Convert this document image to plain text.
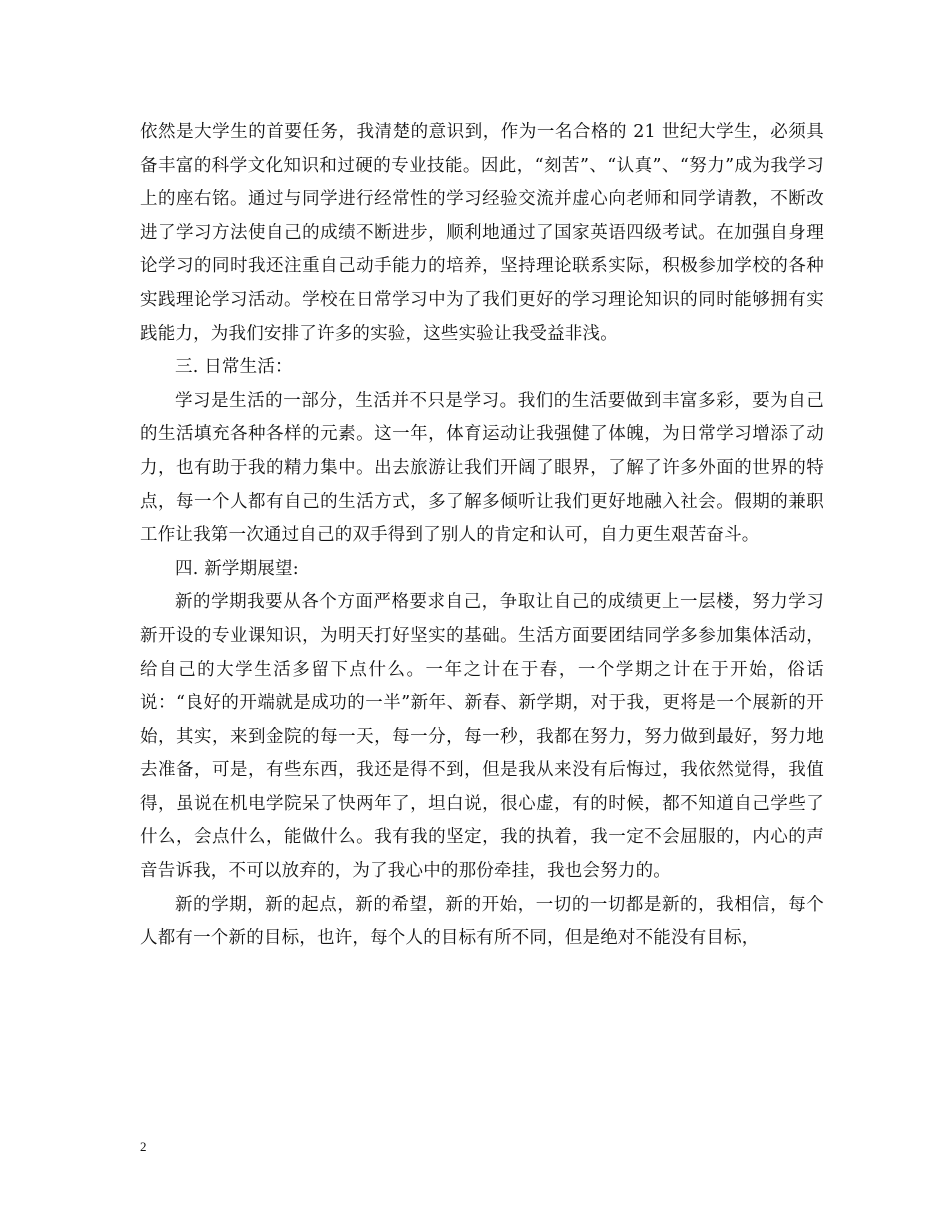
依然是大学生的首要任务，我清楚的意识到，作为一名合格的 21 世纪大学生，必须具备丰富的科学文化知识和过硬的专业技能。因此，“刻苦”、“认真”、“努力”成为我学习上的座右铭。通过与同学进行经常性的学习经验交流并虚心向老师和同学请教，不断改进了学习方法使自己的成绩不断进步，顺利地通过了国家英语四级考试。在加强自身理论学习的同时我还注重自己动手能力的培养，坚持理论联系实际，积极参加学校的各种实践理论学习活动。学校在日常学习中为了我们更好的学习理论知识的同时能够拥有实践能力，为我们安排了许多的实验，这些实验让我受益非浅。

三. 日常生活：

学习是生活的一部分，生活并不只是学习。我们的生活要做到丰富多彩，要为自己的生活填充各种各样的元素。这一年，体育运动让我强健了体魄，为日常学习增添了动力，也有助于我的精力集中。出去旅游让我们开阔了眼界，了解了许多外面的世界的特点，每一个人都有自己的生活方式，多了解多倾听让我们更好地融入社会。假期的兼职工作让我第一次通过自己的双手得到了别人的肯定和认可，自力更生艰苦奋斗。

四. 新学期展望:

新的学期我要从各个方面严格要求自己，争取让自己的成绩更上一层楼，努力学习新开设的专业课知识，为明天打好坚实的基础。生活方面要团结同学多参加集体活动，给自己的大学生活多留下点什么。一年之计在于春，一个学期之计在于开始，俗话说：“良好的开端就是成功的一半”新年、新春、新学期，对于我，更将是一个展新的开始，其实，来到金院的每一天，每一分，每一秒，我都在努力，努力做到最好，努力地去准备，可是，有些东西，我还是得不到，但是我从来没有后悔过，我依然觉得，我值得，虽说在机电学院呆了快两年了，坦白说，很心虚，有的时候，都不知道自己学些了什么，会点什么，能做什么。我有我的坚定，我的执着，我一定不会屈服的，内心的声音告诉我，不可以放弃的，为了我心中的那份牵挂，我也会努力的。

新的学期，新的起点，新的希望，新的开始，一切的一切都是新的，我相信，每个人都有一个新的目标，也许，每个人的目标有所不同，但是绝对不能没有目标，

2
